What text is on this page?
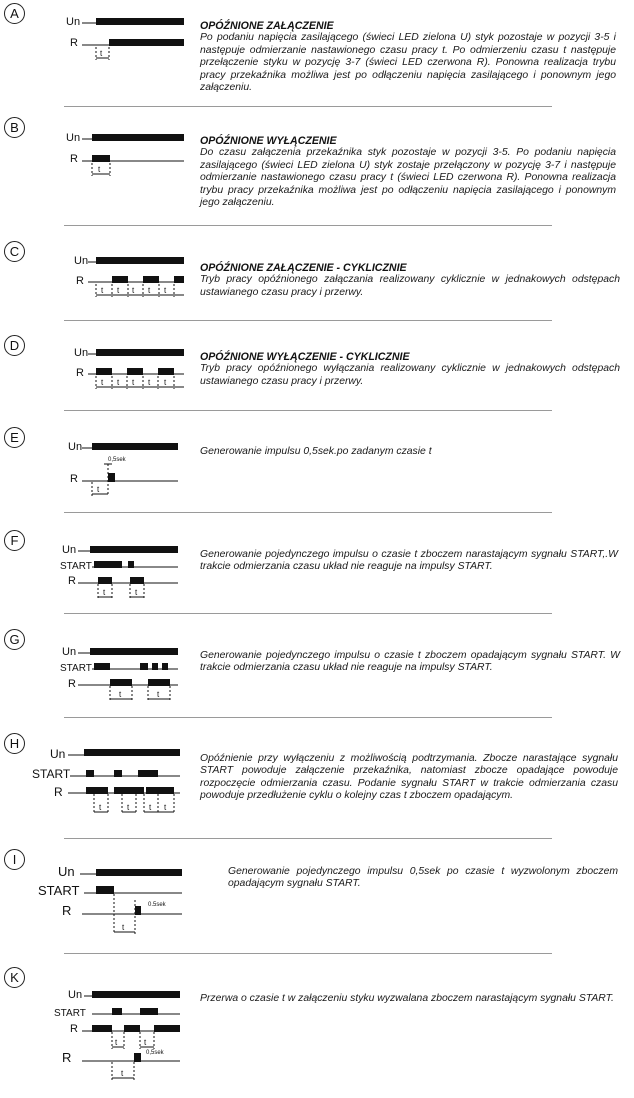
A
Un
R
t
OPÓŹNIONE ZAŁĄCZENIE
Po podaniu napięcia zasilającego (świeci LED zielona U) styk pozostaje w pozycji 3-5 i następuje odmierzanie nastawionego czasu pracy t. Po odmierzeniu czasu t następuje przełączenie styku w pozycję 3-7 (świeci LED czerwona R). Ponowna realizacja trybu pracy przekaźnika możliwa jest po odłączeniu napięcia zasilającego i ponownym jego załączeniu.
B
Un
R
t
OPÓŹNIONE WYŁĄCZENIE
Do czasu załączenia przekaźnika styk pozostaje w pozycji 3-5. Po podaniu napięcia zasilającego (świeci LED zielona U) styk zostaje przełączony w pozycję 3-7 i następuje odmierzanie nastawionego czasu pracy t (świeci LED czerwona R). Ponowna realizacja trybu pracy przekaźnika możliwa jest po odłączeniu napięcia zasilającego i ponownym jego załączeniu.
C
Un
R
t t t t t
OPÓŹNIONE ZAŁĄCZENIE - CYKLICZNIE
Tryb pracy opóźnionego załączania realizowany cyklicznie w jednakowych odstępach ustawianego czasu pracy i przerwy.
D	Un
R
t t t t t
OPÓŹNIONE WYŁĄCZENIE - CYKLICZNIE
Tryb pracy opóźnionego wyłączania realizowany cyklicznie w jednakowych odstępach ustawianego czasu pracy i przerwy.
E
Un
0,5sek
R
t
Generowanie impulsu 0,5sek.po zadanym czasie t
F
Un
START
R
t	t
Generowanie pojedynczego impulsu o czasie t zboczem narastającym sygnału START,.W trakcie odmierzania czasu układ nie reaguje na impulsy START.
G
Un
START
R
t	t
Generowanie pojedynczego impulsu o czasie t zboczem opadającym sygnału START. W trakcie odmierzania czasu układ nie reaguje na impulsy START.
H
Un
START
R
t	t t t
Opóźnienie przy wyłączeniu z możliwością podtrzymania. Zbocze narastające sygnału START powoduje załączenie przekaźnika, natomiast zbocze opadające powoduje rozpoczęcie odmierzania czasu. Podanie sygnału START w trakcie odmierzania czasu powoduje przedłużenie cyklu o kolejny czas t zboczem opadającym.
I
Un
START
0.5sek
R
t
Generowanie pojedynczego impulsu 0,5sek po czasie t wyzwolonym zboczem opadającym sygnału START.
K
Un
START
R
t	t
0,5sek
R
t
Przerwa o czasie t w załączeniu styku wyzwalana zboczem narastającym sygnału START.
